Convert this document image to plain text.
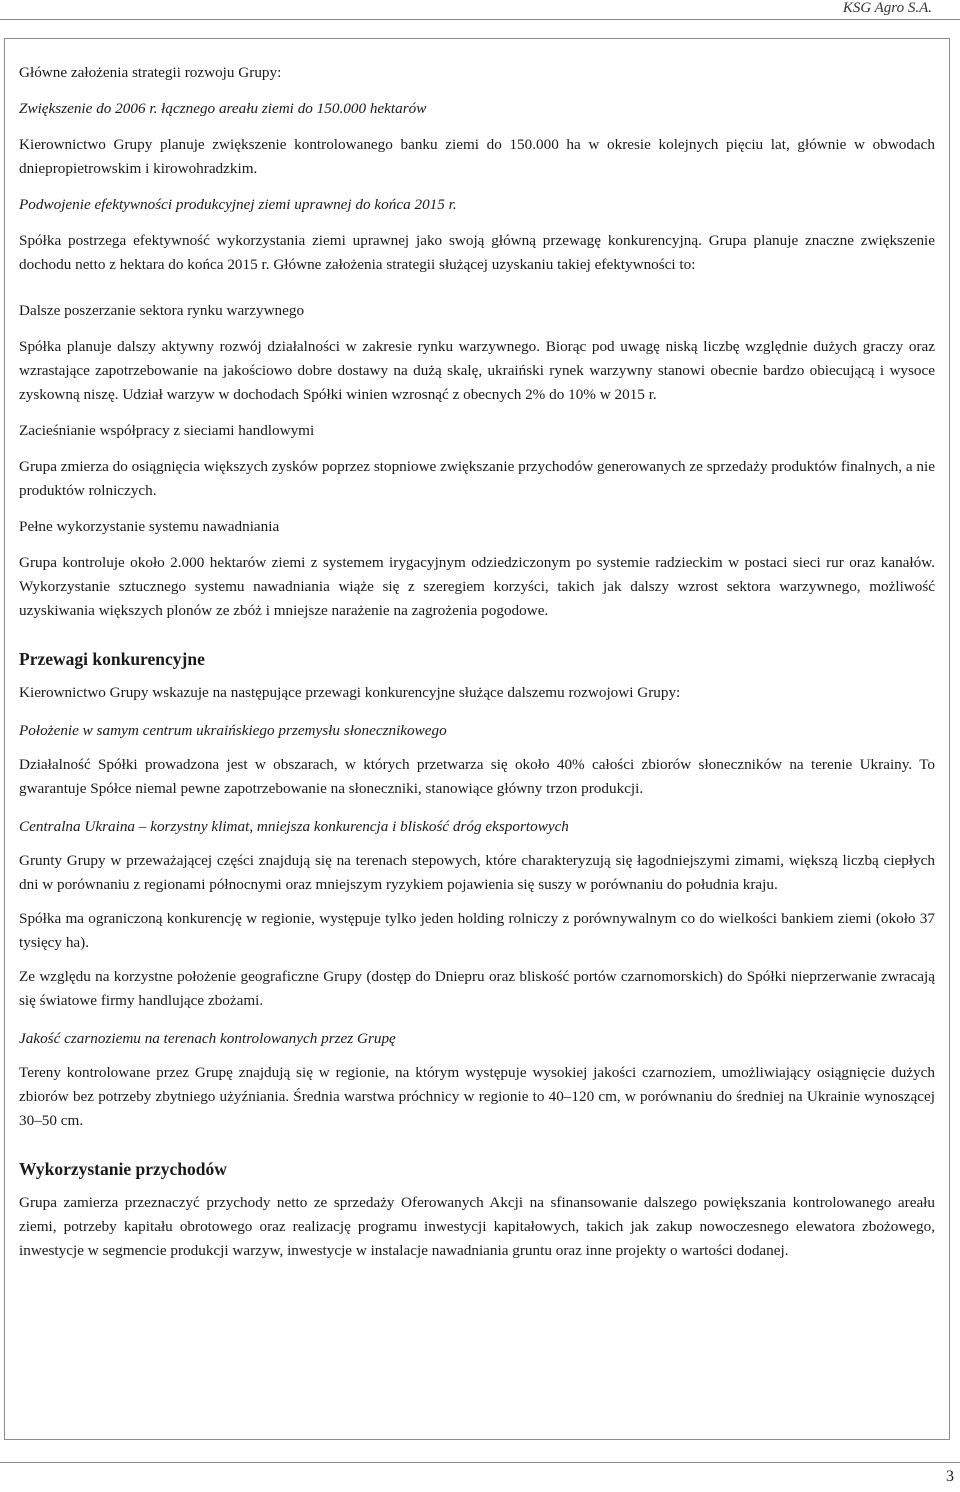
KSG Agro S.A.

Główne założenia strategii rozwoju Grupy:

Zwiększenie do 2006 r. łącznego areału ziemi do 150.000 hektarów

Kierownictwo Grupy planuje zwiększenie kontrolowanego banku ziemi do 150.000 ha w okresie kolejnych pięciu lat, głównie w obwodach dniepropietrowskim i kirowohradzkim.

Podwojenie efektywności produkcyjnej ziemi uprawnej do końca 2015 r.

Spółka postrzega efektywność wykorzystania ziemi uprawnej jako swoją główną przewagę konkurencyjną. Grupa planuje znaczne zwiększenie dochodu netto z hektara do końca 2015 r. Główne założenia strategii służącej uzyskaniu takiej efektywności to:

Dalsze poszerzanie sektora rynku warzywnego

Spółka planuje dalszy aktywny rozwój działalności w zakresie rynku warzywnego. Biorąc pod uwagę niską liczbę względnie dużych graczy oraz wzrastające zapotrzebowanie na jakościowo dobre dostawy na dużą skalę, ukraiński rynek warzywny stanowi obecnie bardzo obiecującą i wysoce zyskowną niszę. Udział warzyw w dochodach Spółki winien wzrosnąć z obecnych 2% do 10% w 2015 r.

Zacieśnianie współpracy z sieciami handlowymi

Grupa zmierza do osiągnięcia większych zysków poprzez stopniowe zwiększanie przychodów generowanych ze sprzedaży produktów finalnych, a nie produktów rolniczych.

Pełne wykorzystanie systemu nawadniania

Grupa kontroluje około 2.000 hektarów ziemi z systemem irygacyjnym odziedziczonym po systemie radzieckim w postaci sieci rur oraz kanałów. Wykorzystanie sztucznego systemu nawadniania wiąże się z szeregiem korzyści, takich jak dalszy wzrost sektora warzywnego, możliwość uzyskiwania większych plonów ze zbóż i mniejsze narażenie na zagrożenia pogodowe.

Przewagi konkurencyjne

Kierownictwo Grupy wskazuje na następujące przewagi konkurencyjne służące dalszemu rozwojowi Grupy:

Położenie w samym centrum ukraińskiego przemysłu słonecznikowego

Działalność Spółki prowadzona jest w obszarach, w których przetwarza się około 40% całości zbiorów słoneczników na terenie Ukrainy. To gwarantuje Spółce niemal pewne zapotrzebowanie na słoneczniki, stanowiące główny trzon produkcji.

Centralna Ukraina – korzystny klimat, mniejsza konkurencja i bliskość dróg eksportowych

Grunty Grupy w przeważającej części znajdują się na terenach stepowych, które charakteryzują się łagodniejszymi zimami, większą liczbą ciepłych dni w porównaniu z regionami północnymi oraz mniejszym ryzykiem pojawienia się suszy w porównaniu do południa kraju.

Spółka ma ograniczoną konkurencję w regionie, występuje tylko jeden holding rolniczy z porównywalnym co do wielkości bankiem ziemi (około 37 tysięcy ha).

Ze względu na korzystne położenie geograficzne Grupy (dostęp do Dniepru oraz bliskość portów czarnomorskich) do Spółki nieprzerwanie zwracają się światowe firmy handlujące zbożami.

Jakość czarnoziemu na terenach kontrolowanych przez Grupę

Tereny kontrolowane przez Grupę znajdują się w regionie, na którym występuje wysokiej jakości czarnoziem, umożliwiający osiągnięcie dużych zbiorów bez potrzeby zbytniego użyźniania. Średnia warstwa próchnicy w regionie to 40–120 cm, w porównaniu do średniej na Ukrainie wynoszącej 30–50 cm.

Wykorzystanie przychodów

Grupa zamierza przeznaczyć przychody netto ze sprzedaży Oferowanych Akcji na sfinansowanie dalszego powiększania kontrolowanego areału ziemi, potrzeby kapitału obrotowego oraz realizację programu inwestycji kapitałowych, takich jak zakup nowoczesnego elewatora zbożowego, inwestycje w segmencie produkcji warzyw, inwestycje w instalacje nawadniania gruntu oraz inne projekty o wartości dodanej.

3
